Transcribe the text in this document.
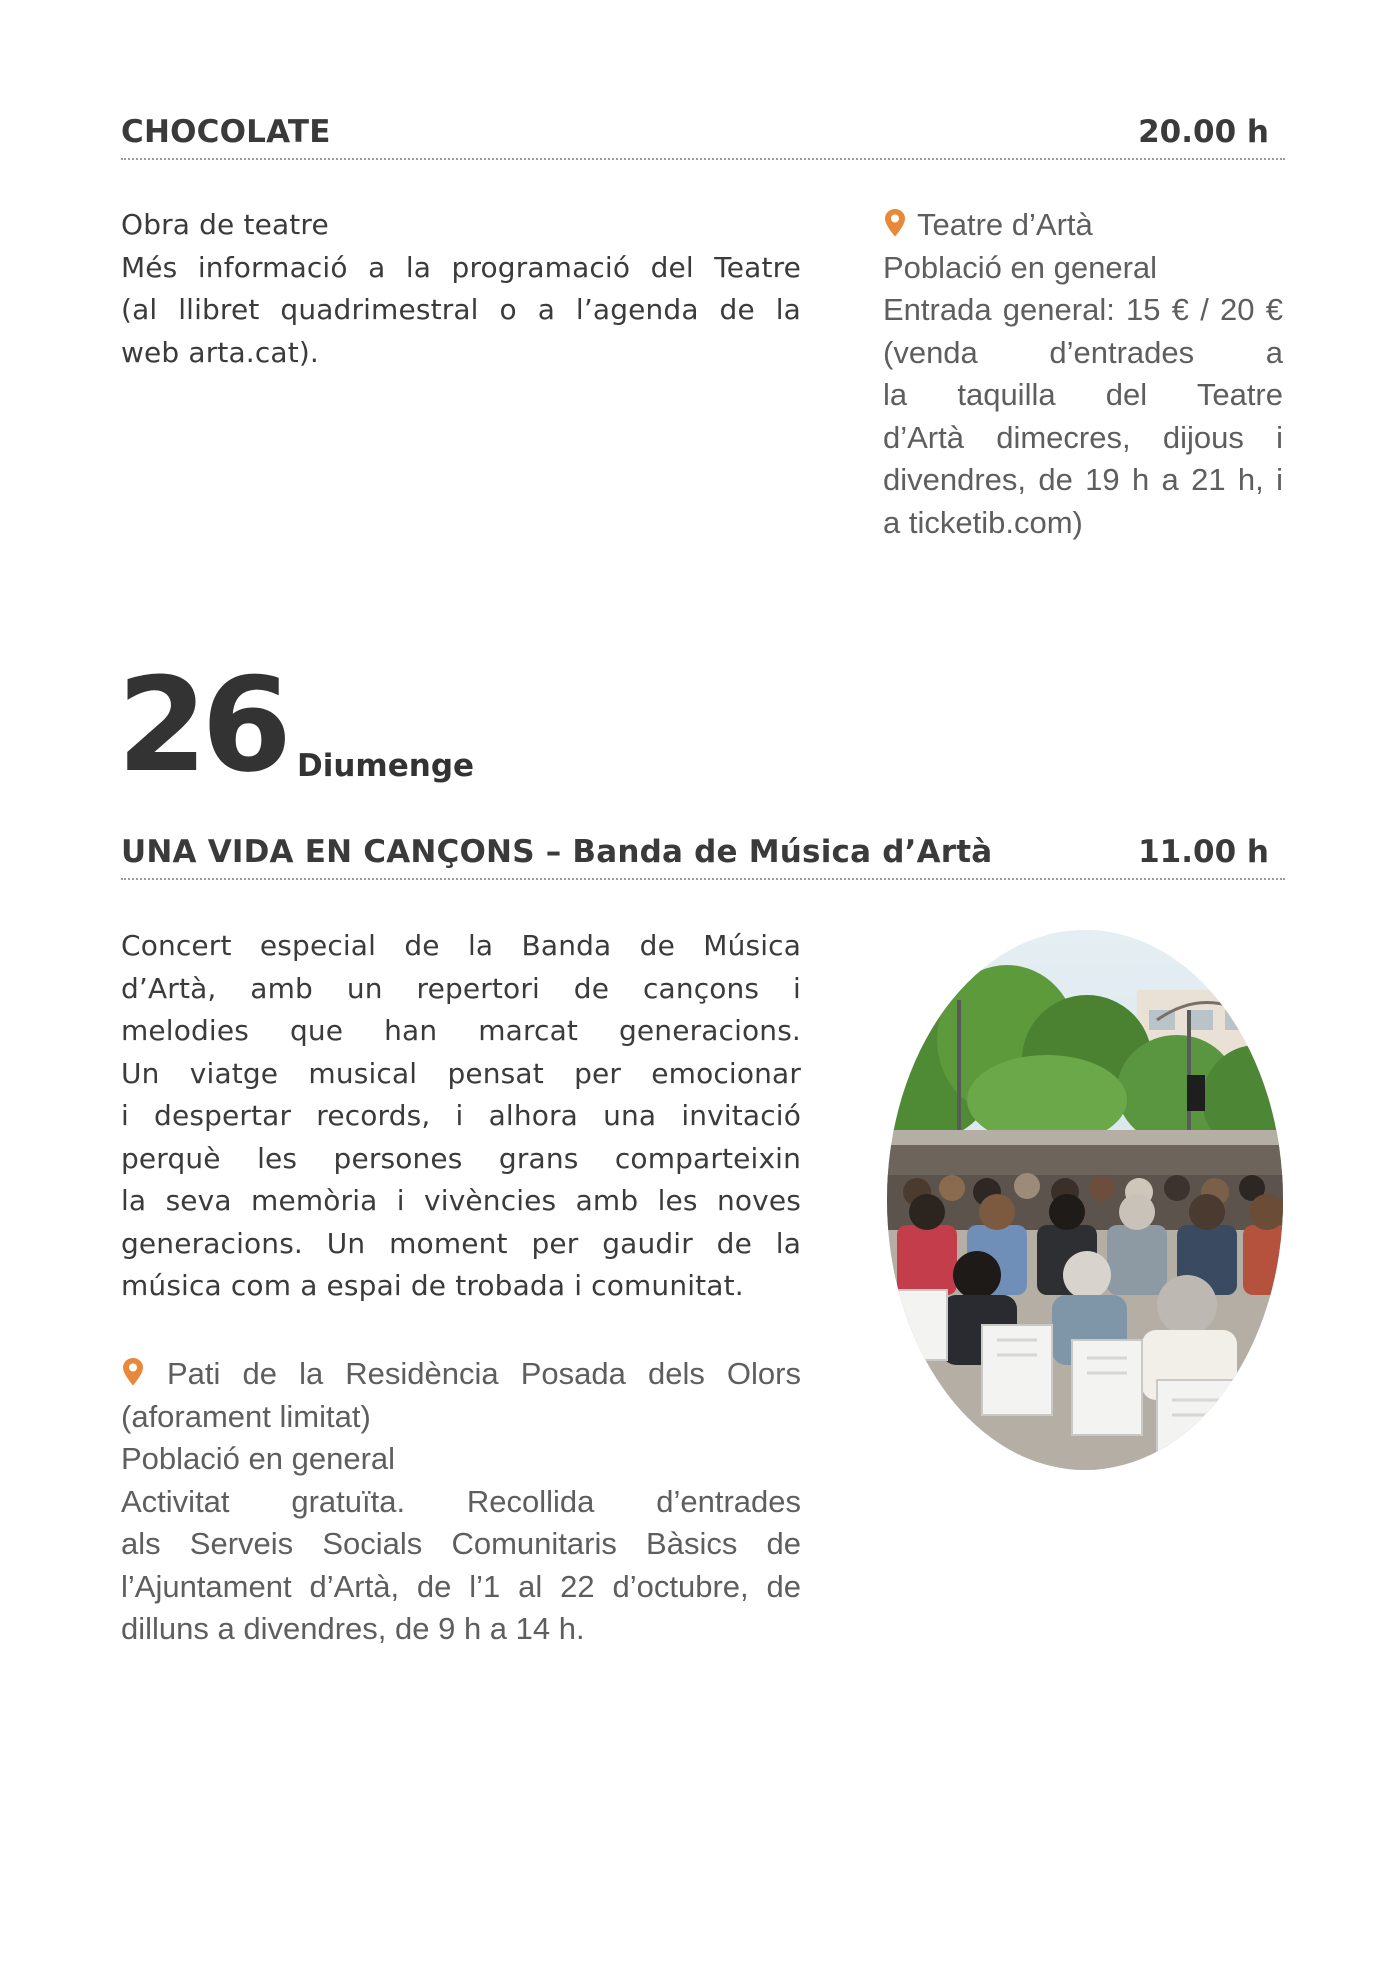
CHOCOLATE	20.00 h
Obra de teatre
Més informació a la programació del Teatre
(al llibret quadrimestral o a l’agenda de la
web arta.cat).
Teatre d’Artà
Població en general
Entrada general: 15 € / 20 €
(venda d’entrades a
la taquilla del Teatre
d’Artà dimecres, dijous i
divendres, de 19 h a 21 h, i
a ticketib.com)
26 Diumenge
UNA VIDA EN CANÇONS – Banda de Música d’Artà	11.00 h
Concert especial de la Banda de Música
d’Artà, amb un repertori de cançons i
melodies que han marcat generacions.
Un viatge musical pensat per emocionar
i despertar records, i alhora una invitació
perquè les persones grans comparteixin
la seva memòria i vivències amb les noves
generacions. Un moment per gaudir de la
música com a espai de trobada i comunitat.
Pati de la Residència Posada dels Olors
(aforament limitat)
Població en general
Activitat gratuïta. Recollida d’entrades
als Serveis Socials Comunitaris Bàsics de
l’Ajuntament d’Artà, de l’1 al 22 d’octubre, de
dilluns a divendres, de 9 h a 14 h.
